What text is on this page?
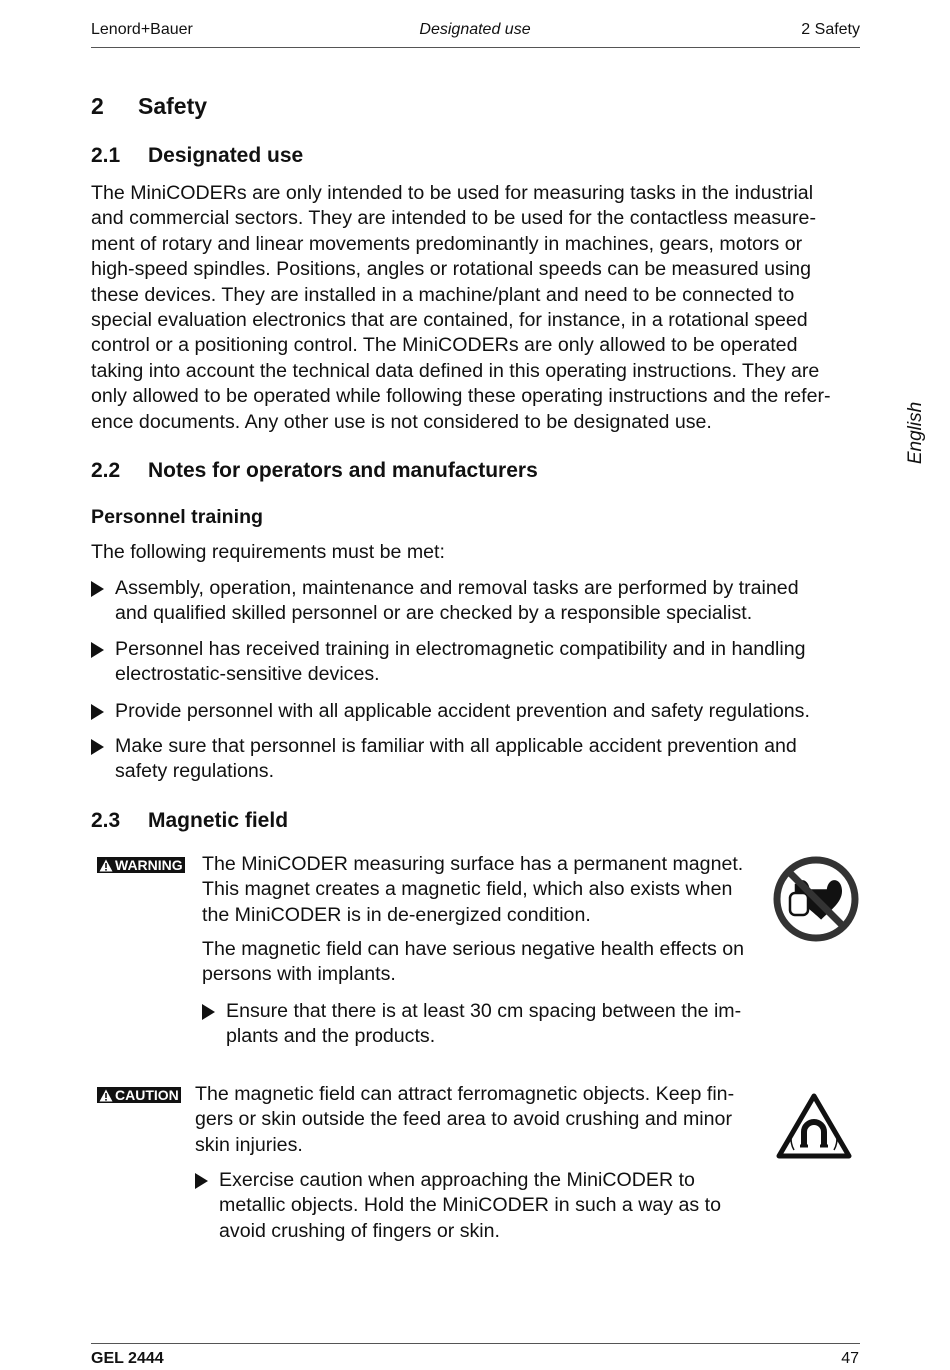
Lenord+Bauer	Designated use	2 Safety
English
2 Safety
2.1 Designated use
The MiniCODERs are only intended to be used for measuring tasks in the industrial
and commercial sectors. They are intended to be used for the contactless measure-
ment of rotary and linear movements predominantly in machines, gears, motors or
high-speed spindles. Positions, angles or rotational speeds can be measured using
these devices. They are installed in a machine/plant and need to be connected to
special evaluation electronics that are contained, for instance, in a rotational speed
control or a positioning control. The MiniCODERs are only allowed to be operated
taking into account the technical data defined in this operating instructions. They are
only allowed to be operated while following these operating instructions and the refer-
ence documents. Any other use is not considered to be designated use.
2.2 Notes for operators and manufacturers
Personnel training
The following requirements must be met:
Assembly, operation, maintenance and removal tasks are performed by trained
and qualified skilled personnel or are checked by a responsible specialist.
Personnel has received training in electromagnetic compatibility and in handling
electrostatic-sensitive devices.
Provide personnel with all applicable accident prevention and safety regulations.
Make sure that personnel is familiar with all applicable accident prevention and
safety regulations.
2.3 Magnetic field
WARNING The MiniCODER measuring surface has a permanent magnet.
This magnet creates a magnetic field, which also exists when
the MiniCODER is in de-energized condition.
The magnetic field can have serious negative health effects on
persons with implants.
Ensure that there is at least 30 cm spacing between the im-
plants and the products.
CAUTION The magnetic field can attract ferromagnetic objects. Keep fin-
gers or skin outside the feed area to avoid crushing and minor
skin injuries.
Exercise caution when approaching the MiniCODER to
metallic objects. Hold the MiniCODER in such a way as to
avoid crushing of fingers or skin.
GEL 2444	47
